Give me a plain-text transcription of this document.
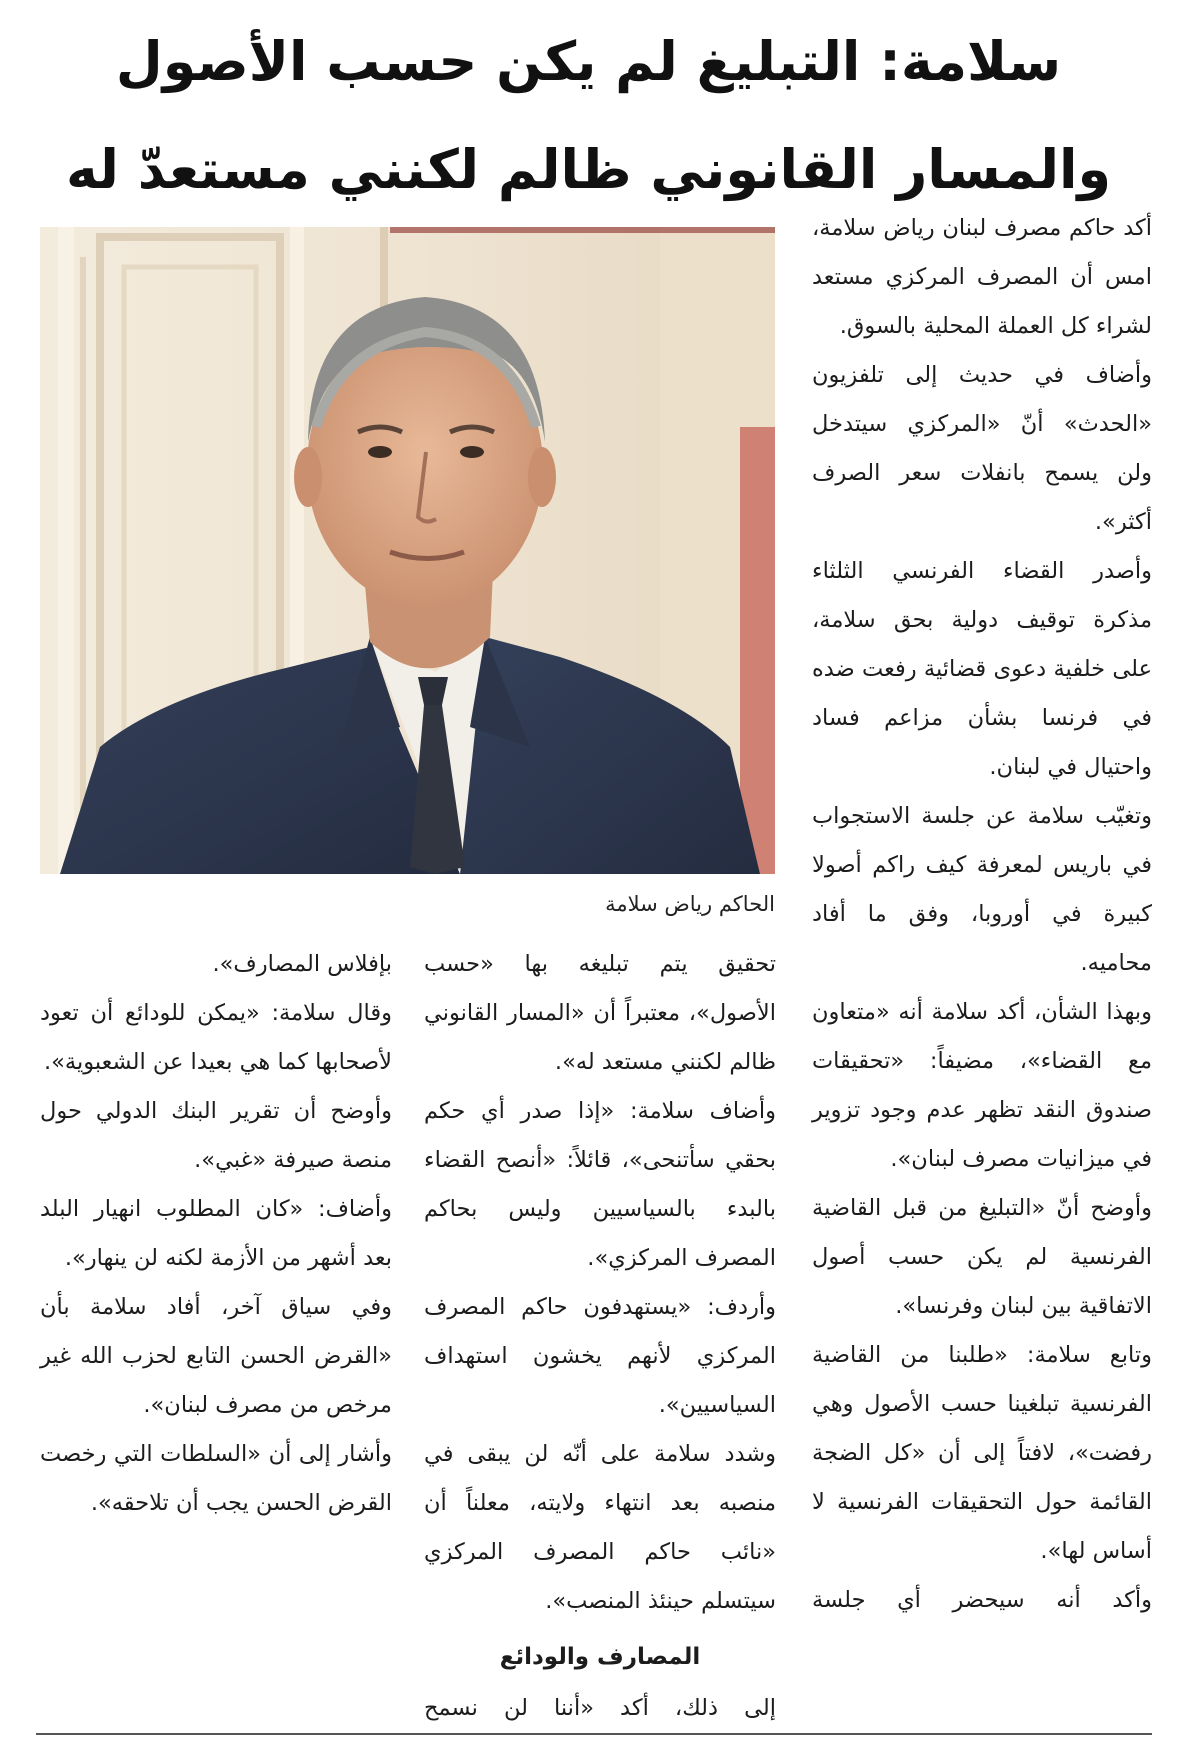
سلامة: التبليغ لم يكن حسب الأصول
والمسار القانوني ظالم لكنني مستعدّ له

أكد حاكم مصرف لبنان رياض سلامة، امس أن المصرف المركزي مستعد لشراء كل العملة المحلية بالسوق.

وأضاف في حديث إلى تلفزيون «الحدث» أنّ «المركزي سيتدخل ولن يسمح بانفلات سعر الصرف أكثر».

وأصدر القضاء الفرنسي الثلثاء مذكرة توقيف دولية بحق سلامة، على خلفية دعوى قضائية رفعت ضده في فرنسا بشأن مزاعم فساد واحتيال في لبنان.

وتغيّب سلامة عن جلسة الاستجواب في باريس لمعرفة كيف راكم أصولا كبيرة في أوروبا، وفق ما أفاد محاميه.

وبهذا الشأن، أكد سلامة أنه «متعاون مع القضاء»، مضيفاً: «تحقيقات صندوق النقد تظهر عدم وجود تزوير في ميزانيات مصرف لبنان».

وأوضح أنّ «التبليغ من قبل القاضية الفرنسية لم يكن حسب أصول الاتفاقية بين لبنان وفرنسا».

وتابع سلامة: «طلبنا من القاضية الفرنسية تبلغينا حسب الأصول وهي رفضت»، لافتاً إلى أن «كل الضجة القائمة حول التحقيقات الفرنسية لا أساس لها».

وأكد أنه سيحضر أي جلسة

الحاكم رياض سلامة

تحقيق يتم تبليغه بها «حسب الأصول»، معتبراً أن «المسار القانوني ظالم لكنني مستعد له».

وأضاف سلامة: «إذا صدر أي حكم بحقي سأتنحى»، قائلاً: «أنصح القضاء بالبدء بالسياسيين وليس بحاكم المصرف المركزي».

وأردف: «يستهدفون حاكم المصرف المركزي لأنهم يخشون استهداف السياسيين».

وشدد سلامة على أنّه لن يبقى في منصبه بعد انتهاء ولايته، معلناً أن «نائب حاكم المصرف المركزي سيتسلم حينئذ المنصب».

المصارف والودائع

إلى ذلك، أكد «أننا لن نسمح

بإفلاس المصارف».

وقال سلامة: «يمكن للودائع أن تعود لأصحابها كما هي بعيدا عن الشعبوية».

وأوضح أن تقرير البنك الدولي حول منصة صيرفة «غبي».

وأضاف: «كان المطلوب انهيار البلد بعد أشهر من الأزمة لكنه لن ينهار».

وفي سياق آخر، أفاد سلامة بأن «القرض الحسن التابع لحزب الله غير مرخص من مصرف لبنان».

وأشار إلى أن «السلطات التي رخصت القرض الحسن يجب أن تلاحقه».
